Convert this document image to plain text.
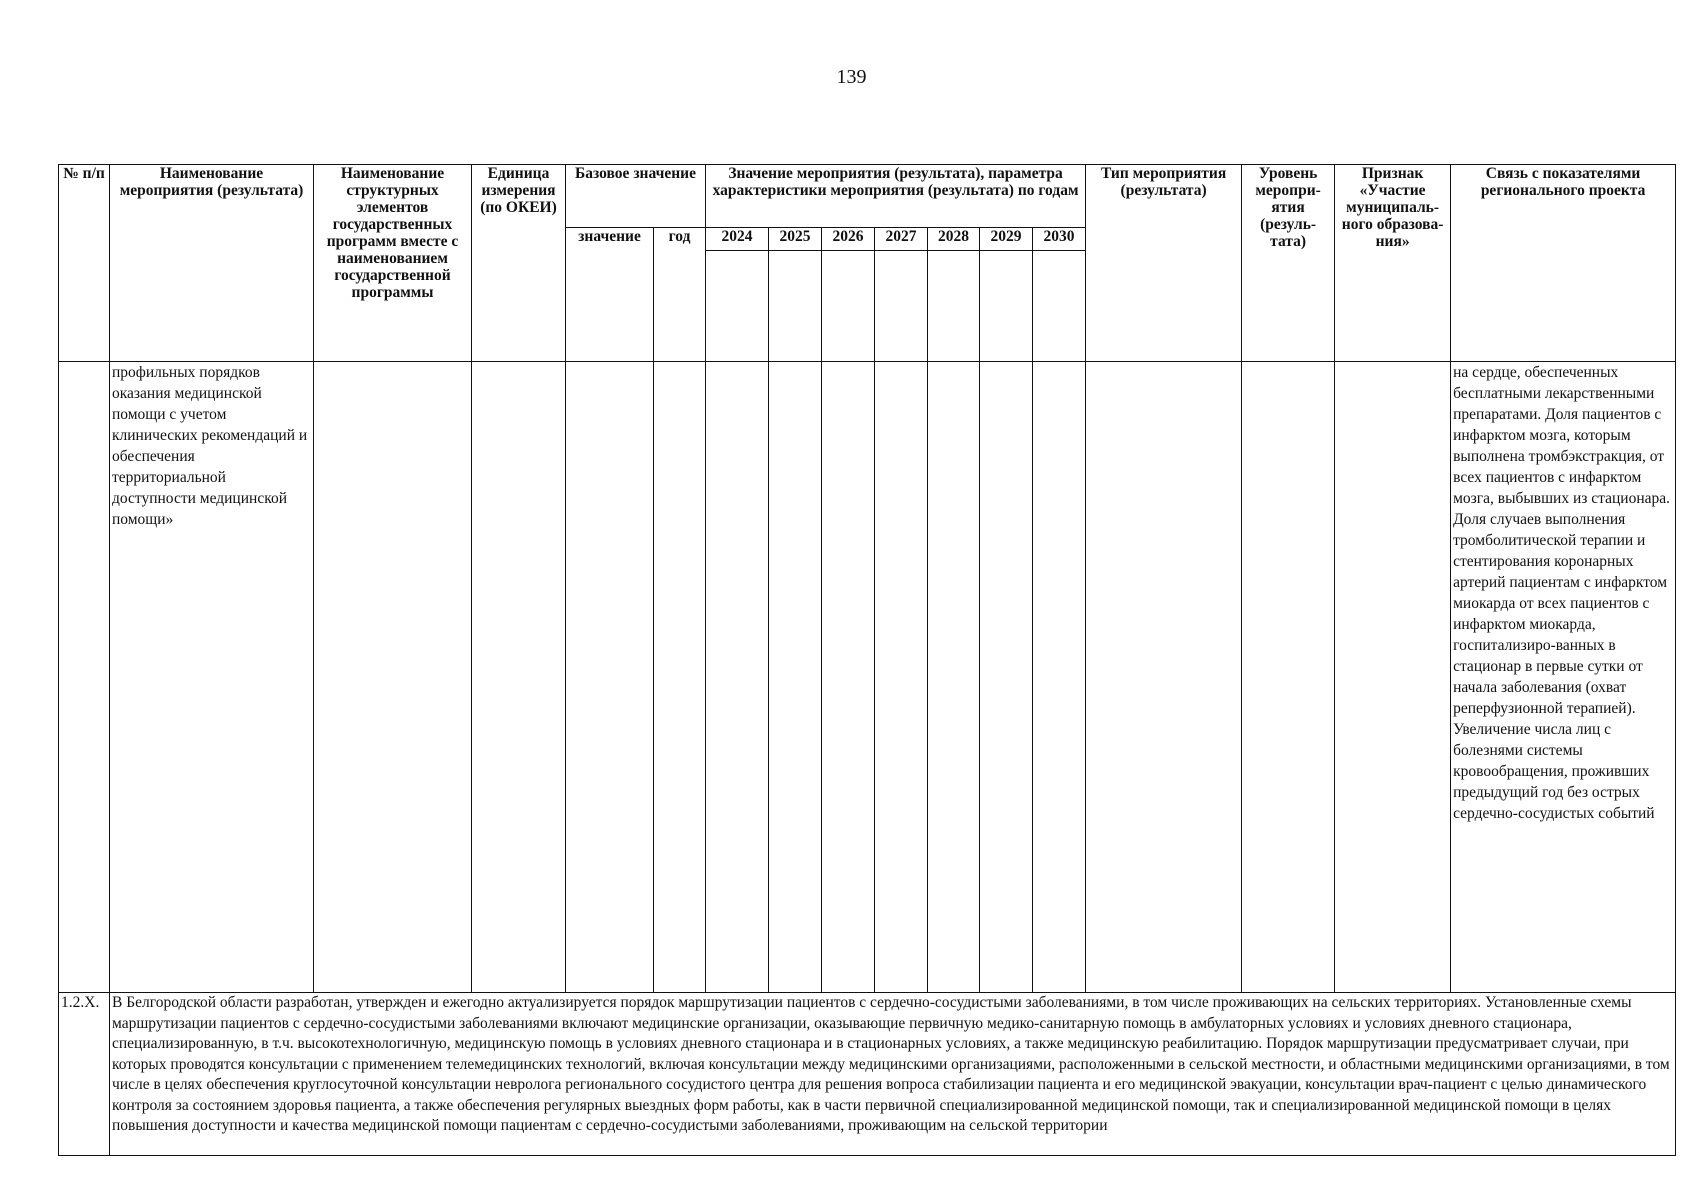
139
№ п/п	Наименование мероприятия (результата)	Наименование структурных элементов государственных программ вместе с наименованием государственной программы	Единица измерения (по ОКЕИ)	Базовое значение		Значение мероприятия (результата), параметра характеристики мероприятия (результата) по годам							Тип мероприятия (результата)	Уровень меропри-ятия (резуль-тата)	Признак «Участие муниципаль-ного образова-ния»	Связь с показателями регионального проекта
				значение	год	2024	2025	2026	2027	2028	2029	2030				

	профильных порядков оказания медицинской помощи с учетом клинических рекомендаций и обеспечения территориальной доступности медицинской помощи»															на сердце, обеспеченных бесплатными лекарственными препаратами. Доля пациентов с инфарктом мозга, которым выполнена тромбэкстракция, от всех пациентов с инфарктом мозга, выбывших из стационара. Доля случаев выполнения тромболитической терапии и стентирования коронарных артерий пациентам с инфарктом миокарда от всех пациентов с инфарктом миокарда, госпитализиро-ванных в стационар в первые сутки от начала заболевания (охват реперфузионной терапией). Увеличение числа лиц с болезнями системы кровообращения, проживших предыдущий год без острых сердечно-сосудистых событий
1.2.Х.	В Белгородской области разработан, утвержден и ежегодно актуализируется порядок маршрутизации пациентов с сердечно-сосудистыми заболеваниями, в том числе проживающих на сельских территориях. Установленные схемы маршрутизации пациентов с сердечно-сосудистыми заболеваниями включают медицинские организации, оказывающие первичную медико-санитарную помощь в амбулаторных условиях и условиях дневного стационара, специализированную, в т.ч. высокотехнологичную, медицинскую помощь в условиях дневного стационара и в стационарных условиях, а также медицинскую реабилитацию. Порядок маршрутизации предусматривает случаи, при которых проводятся консультации с применением телемедицинских технологий, включая консультации между медицинскими организациями, расположенными в сельской местности, и областными медицинскими организациями, в том числе в целях обеспечения круглосуточной консультации невролога регионального сосудистого центра для решения вопроса стабилизации пациента и его медицинской эвакуации, консультации врач-пациент с целью динамического контроля за состоянием здоровья пациента, а также обеспечения регулярных выездных форм работы, как в части первичной специализированной медицинской помощи, так и специализированной медицинской помощи в целях повышения доступности и качества медицинской помощи пациентам с сердечно-сосудистыми заболеваниями, проживающим на сельской территории															
